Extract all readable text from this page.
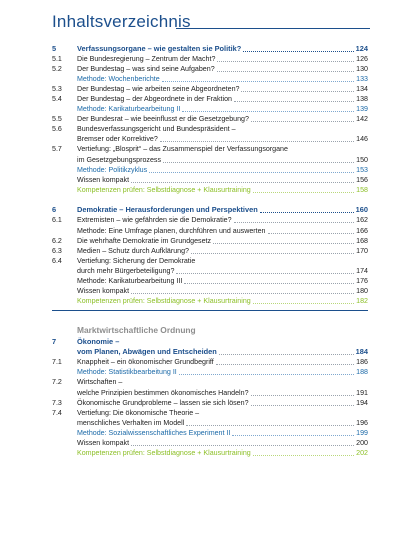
Inhaltsverzeichnis
5	Verfassungsorgane – wie gestalten sie Politik?	124
5.1	Die Bundesregierung – Zentrum der Macht?	126
5.2	Der Bundestag – was sind seine Aufgaben?	130
Methode: Wochenberichte	133
5.3	Der Bundestag – wie arbeiten seine Abgeordneten?	134
5.4	Der Bundestag – der Abgeordnete in der Fraktion	138
Methode: Karikaturbearbeitung II	139
5.5	Der Bundesrat – wie beeinflusst er die Gesetzgebung?	142
5.6	Bundesverfassungsgericht und Bundespräsident –
Bremser oder Korrektive?	146
5.7	Vertiefung: „Blosprit“ – das Zusammenspiel der Verfassungsorgane
im Gesetzgebungsprozess	150
Methode: Politikzyklus	153
Wissen kompakt	156
Kompetenzen prüfen: Selbstdiagnose + Klausurtraining	158
6	Demokratie – Herausforderungen und Perspektiven	160
6.1	Extremisten – wie gefährden sie die Demokratie?	162
Methode: Eine Umfrage planen, durchführen und auswerten	166
6.2	Die wehrhafte Demokratie im Grundgesetz	168
6.3	Medien – Schutz durch Aufklärung?	170
6.4	Vertiefung: Sicherung der Demokratie
durch mehr Bürgerbeteiligung?	174
Methode: Karikaturbearbeitung III	176
Wissen kompakt	180
Kompetenzen prüfen: Selbstdiagnose + Klausurtraining	182
Marktwirtschaftliche Ordnung
7	Ökonomie –
vom Planen, Abwägen und Entscheiden	184
7.1	Knappheit – ein ökonomischer Grundbegriff	186
Methode: Statistikbearbeitung II	188
7.2	Wirtschaften –
welche Prinzipien bestimmen ökonomisches Handeln?	191
7.3	Ökonomische Grundprobleme – lassen sie sich lösen?	194
7.4	Vertiefung: Die ökonomische Theorie –
menschliches Verhalten im Modell	196
Methode: Sozialwissenschaftliches Experiment II	199
Wissen kompakt	200
Kompetenzen prüfen: Selbstdiagnose + Klausurtraining	202
